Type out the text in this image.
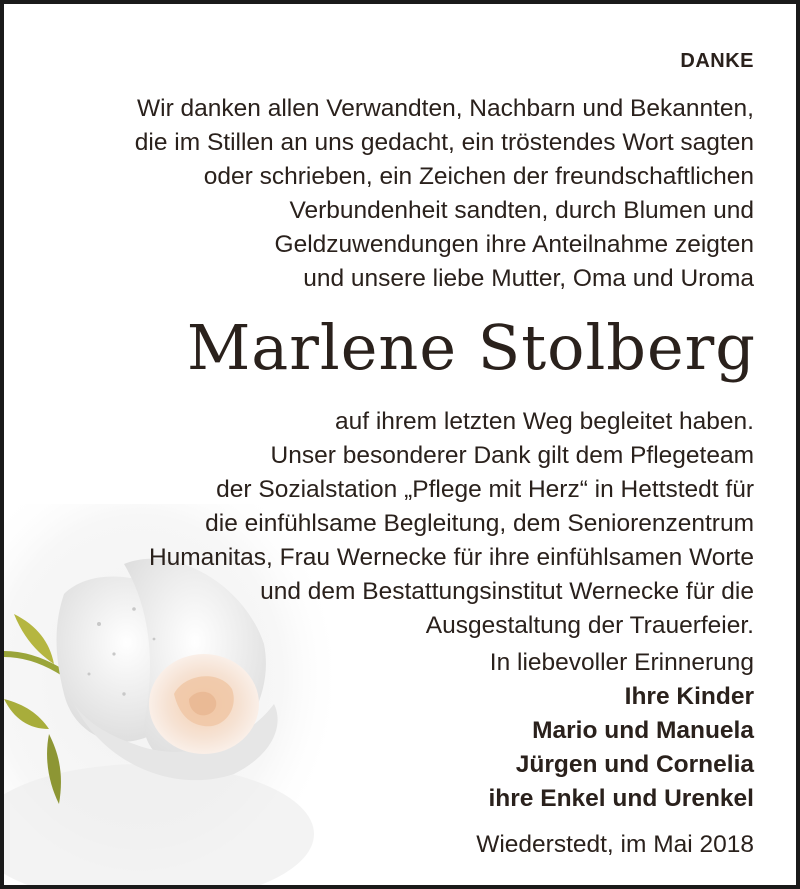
DANKE
Wir danken allen Verwandten, Nachbarn und Bekannten,
die im Stillen an uns gedacht, ein tröstendes Wort sagten
oder schrieben, ein Zeichen der freundschaftlichen
Verbundenheit sandten, durch Blumen und
Geldzuwendungen ihre Anteilnahme zeigten
und unsere liebe Mutter, Oma und Uroma
Marlene Stolberg
auf ihrem letzten Weg begleitet haben.
Unser besonderer Dank gilt dem Pflegeteam
der Sozialstation „Pflege mit Herz“ in Hettstedt für
die einfühlsame Begleitung, dem Seniorenzentrum
Humanitas, Frau Wernecke für ihre einfühlsamen Worte
und dem Bestattungsinstitut Wernecke für die
Ausgestaltung der Trauerfeier.
In liebevoller Erinnerung
Ihre Kinder
Mario und Manuela
Jürgen und Cornelia
ihre Enkel und Urenkel
Wiederstedt, im Mai 2018
